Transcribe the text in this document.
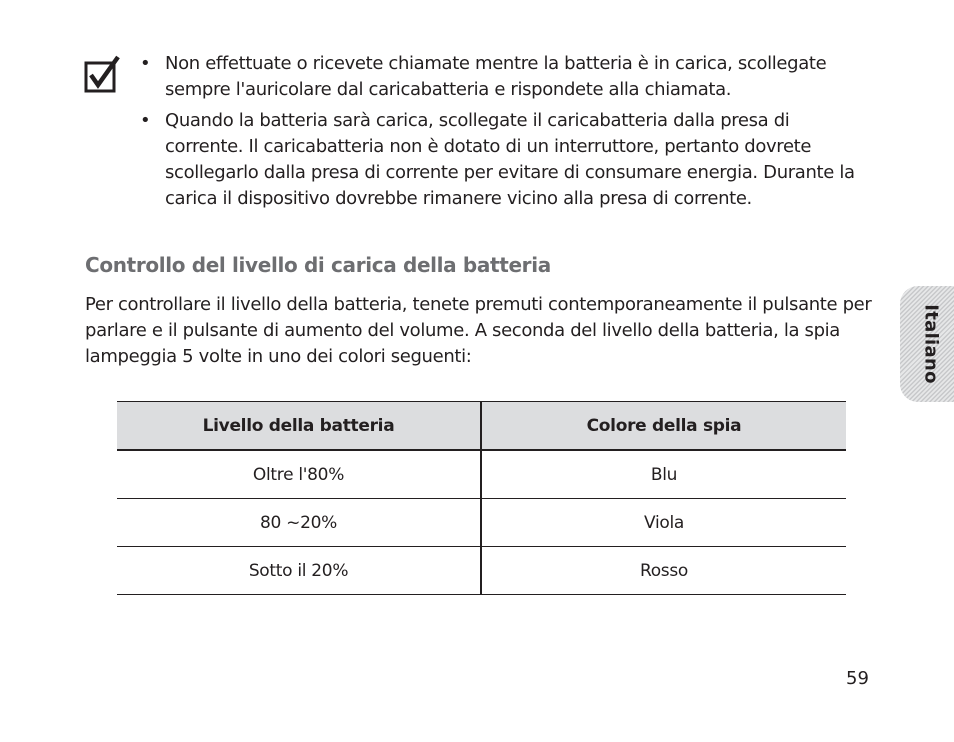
• Non effettuate o ricevete chiamate mentre la batteria è in carica, scollegate sempre l'auricolare dal caricabatteria e rispondete alla chiamata.
• Quando la batteria sarà carica, scollegate il caricabatteria dalla presa di corrente. Il caricabatteria non è dotato di un interruttore, pertanto dovrete scollegarlo dalla presa di corrente per evitare di consumare energia. Durante la carica il dispositivo dovrebbe rimanere vicino alla presa di corrente.
Controllo del livello di carica della batteria

Per controllare il livello della batteria, tenete premuti contemporaneamente il pulsante per parlare e il pulsante di aumento del volume. A seconda del livello della batteria, la spia lampeggia 5 volte in uno dei colori seguenti:

Livello della batteria	Colore della spia
Oltre l'80%	Blu
80 ~20%	Viola
Sotto il 20%	Rosso
Italiano
59
